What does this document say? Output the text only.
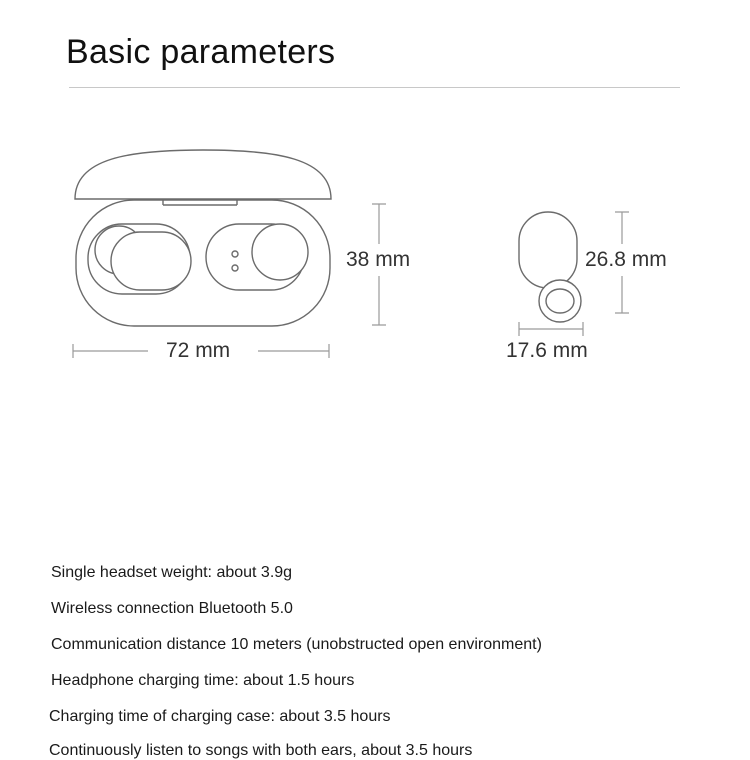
Basic parameters
38 mm
72 mm
26.8 mm
17.6 mm
Single headset weight: about 3.9g
Wireless connection Bluetooth 5.0
Communication distance 10 meters (unobstructed open environment)
Headphone charging time: about 1.5 hours
Charging time of charging case: about 3.5 hours
Continuously listen to songs with both ears, about 3.5 hours
